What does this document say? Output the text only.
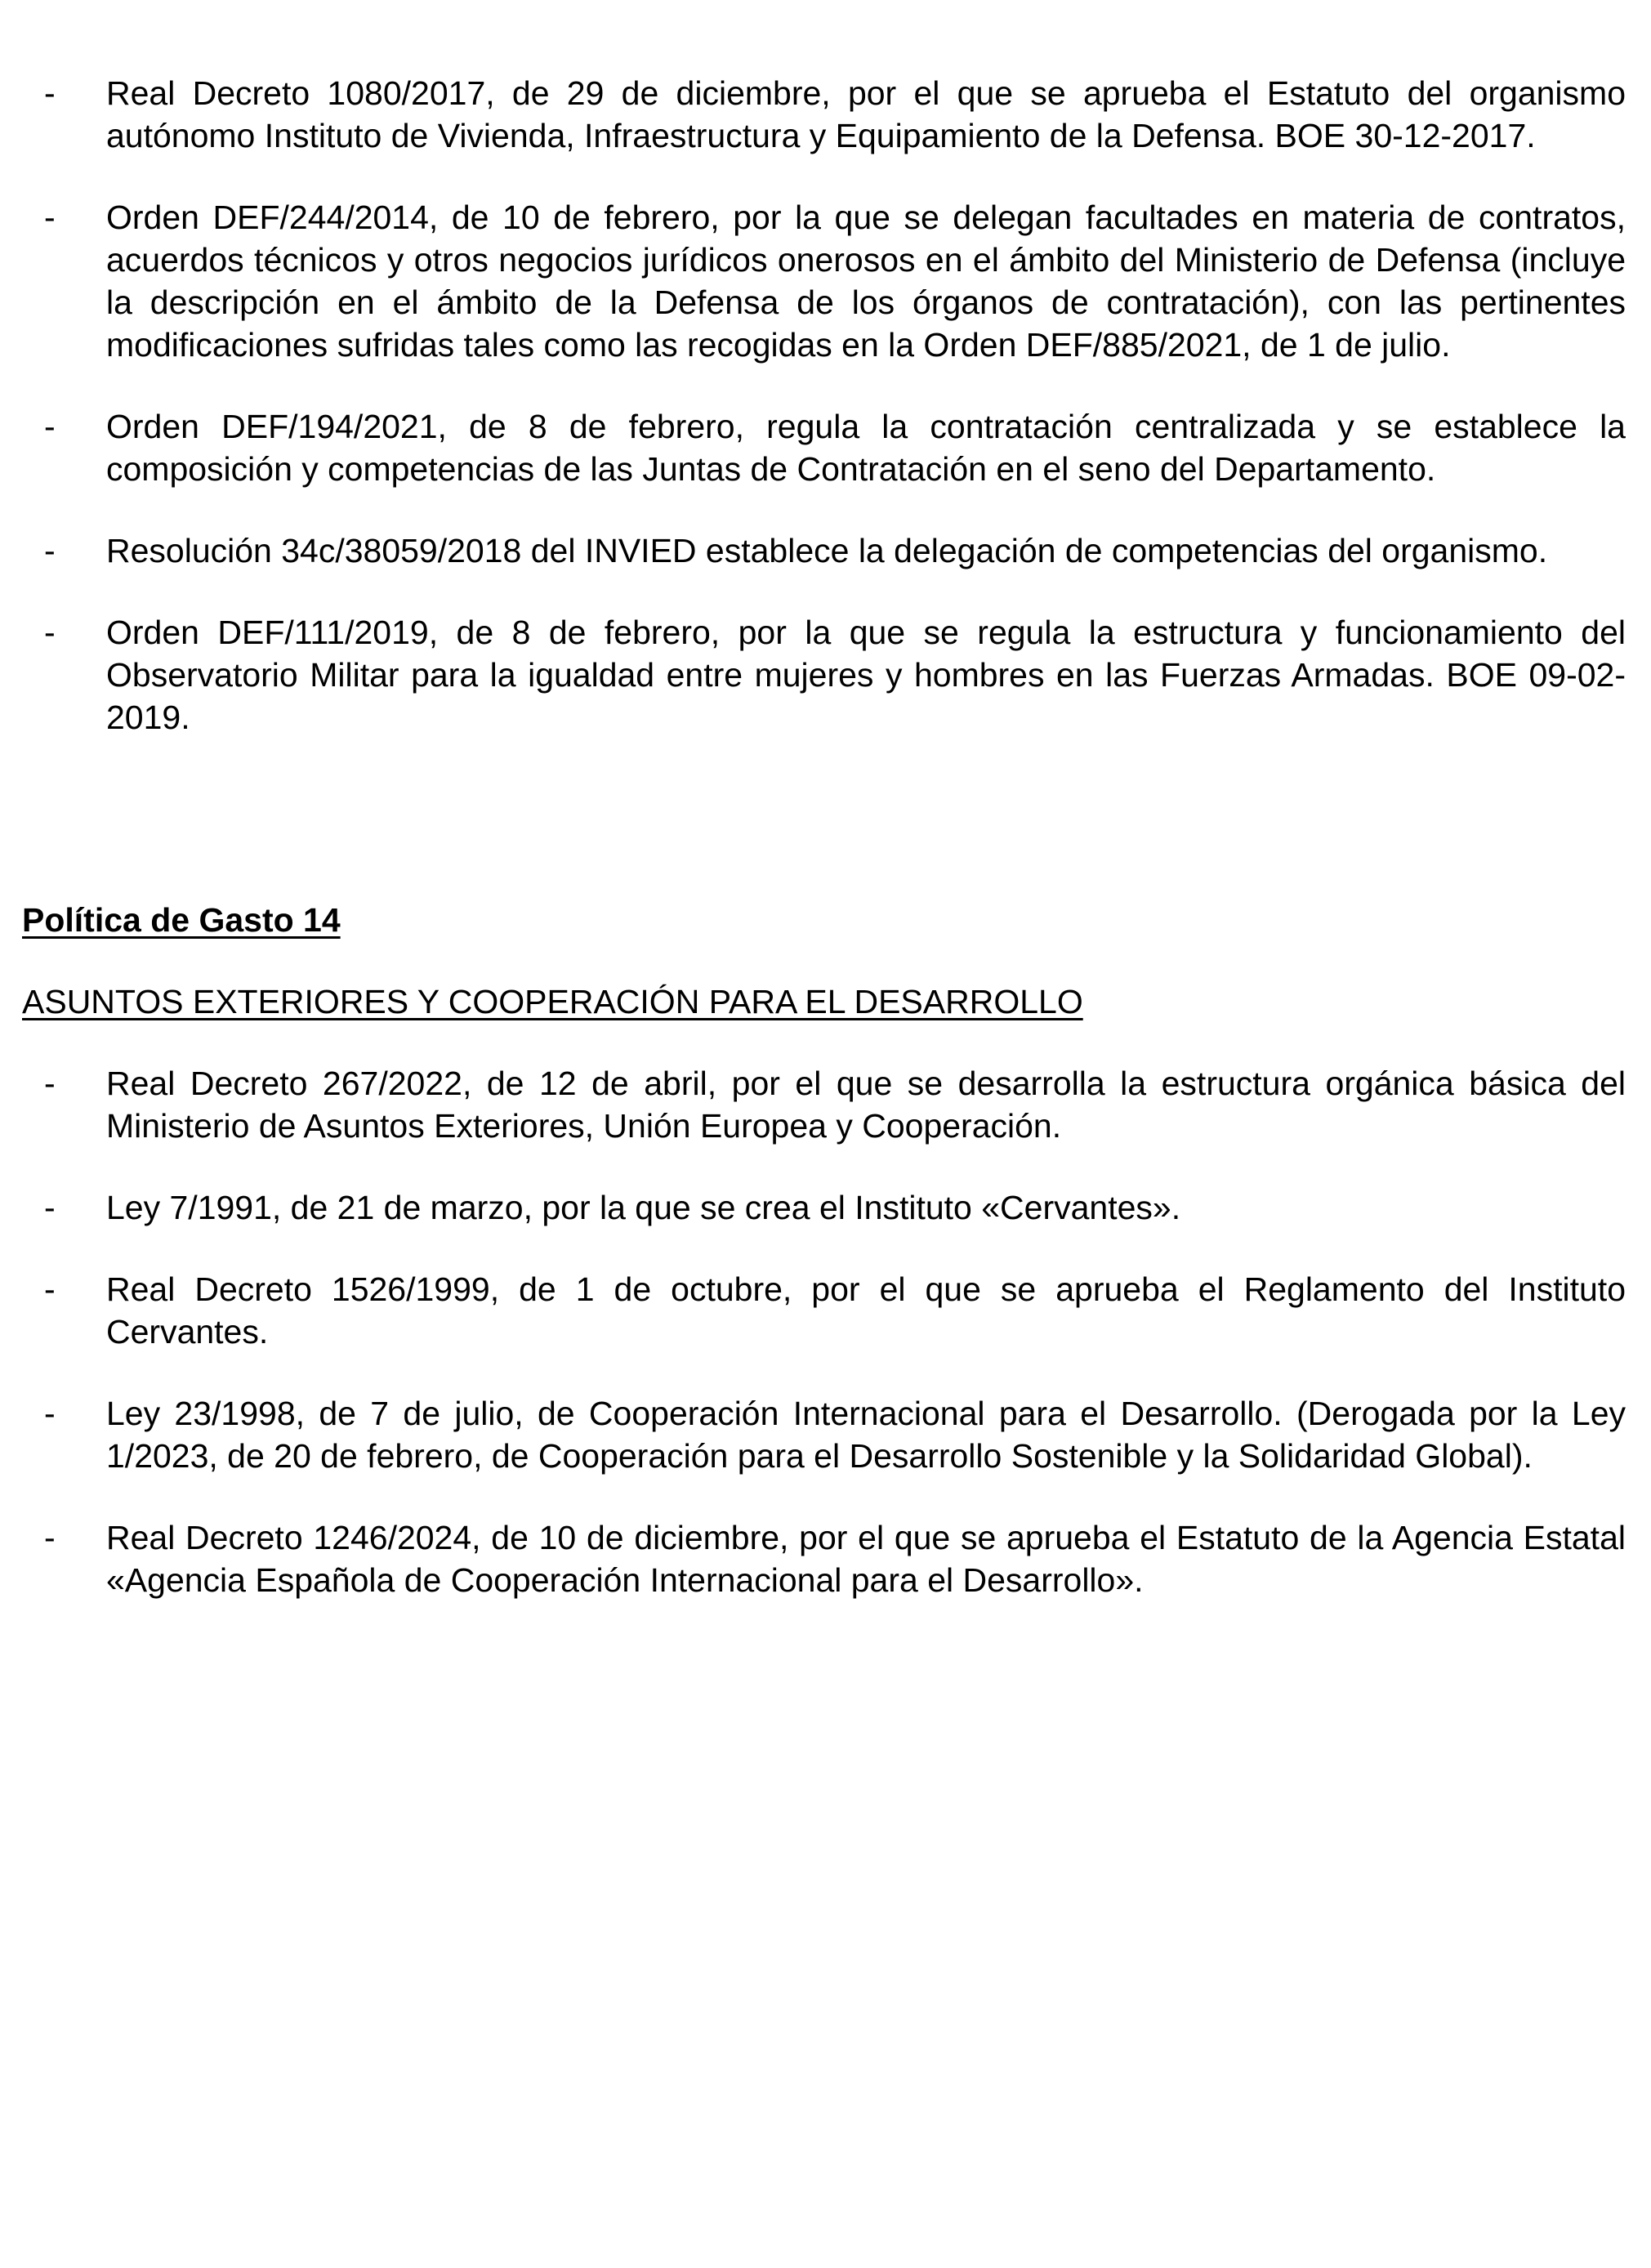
- Real Decreto 1080/2017, de 29 de diciembre, por el que se aprueba el Estatuto del organismo autónomo Instituto de Vivienda, Infraestructura y Equipamiento de la Defensa. BOE 30-12-2017.
- Orden DEF/244/2014, de 10 de febrero, por la que se delegan facultades en materia de contratos, acuerdos técnicos y otros negocios jurídicos onerosos en el ámbito del Ministerio de Defensa (incluye la descripción en el ámbito de la Defensa de los órganos de contratación), con las pertinentes modificaciones sufridas tales como las recogidas en la Orden DEF/885/2021, de 1 de julio.
- Orden DEF/194/2021, de 8 de febrero, regula la contratación centralizada y se establece la composición y competencias de las Juntas de Contratación en el seno del Departamento.
- Resolución 34c/38059/2018 del INVIED establece la delegación de competencias del organismo.
- Orden DEF/111/2019, de 8 de febrero, por la que se regula la estructura y funcionamiento del Observatorio Militar para la igualdad entre mujeres y hombres en las Fuerzas Armadas. BOE 09-02-2019.
Política de Gasto 14
ASUNTOS EXTERIORES Y COOPERACIÓN PARA EL DESARROLLO
- Real Decreto 267/2022, de 12 de abril, por el que se desarrolla la estructura orgánica básica del Ministerio de Asuntos Exteriores, Unión Europea y Cooperación.
- Ley 7/1991, de 21 de marzo, por la que se crea el Instituto «Cervantes».
- Real Decreto 1526/1999, de 1 de octubre, por el que se aprueba el Reglamento del Instituto Cervantes.
- Ley 23/1998, de 7 de julio, de Cooperación Internacional para el Desarrollo. (Derogada por la Ley 1/2023, de 20 de febrero, de Cooperación para el Desarrollo Sostenible y la Solidaridad Global).
- Real Decreto 1246/2024, de 10 de diciembre, por el que se aprueba el Estatuto de la Agencia Estatal «Agencia Española de Cooperación Internacional para el Desarrollo».
